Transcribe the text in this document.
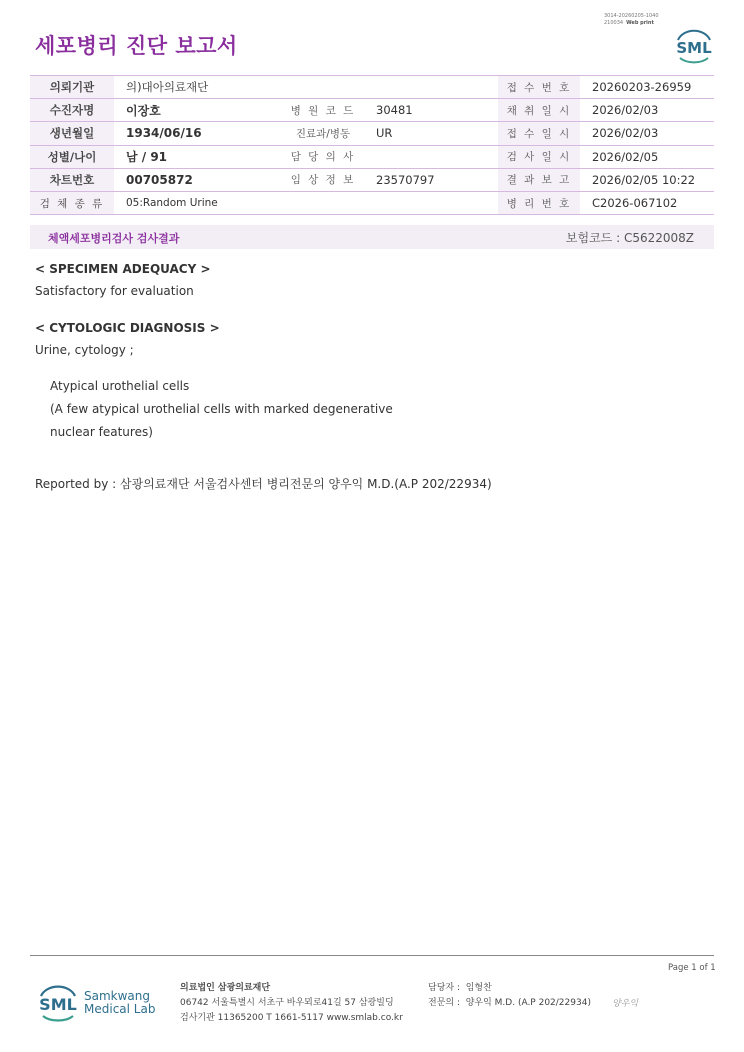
3014-20260205-1040
210034 Web print
세포병리 진단 보고서	SML
의뢰기관	의)대아의료재단			접 수 번 호	20260203-26959
수진자명	이장호	병 원 코 드	30481	채 취 일 시	2026/02/03
생년월일	1934/06/16	진료과/병동	UR	접 수 일 시	2026/02/03
성별/나이	남 / 91	담 당 의 사		검 사 일 시	2026/02/05
차트번호	00705872	임 상 정 보	23570797	결 과 보 고	2026/02/05 10:22
검 체 종 류	05:Random Urine			병 리 번 호	C2026-067102
체액세포병리검사 검사결과	보험코드 : C5622008Z
< SPECIMEN ADEQUACY >
Satisfactory for evaluation
< CYTOLOGIC DIAGNOSIS >
Urine, cytology ;
Atypical urothelial cells
(A few atypical urothelial cells with marked degenerative
nuclear features)
Reported by : 삼광의료재단 서울검사센터 병리전문의 양우익 M.D.(A.P 202/22934)
Page 1 of 1
SML Samkwang
Medical Lab
의료법인 삼광의료재단
06742 서울특별시 서초구 바우뫼로41길 57 삼광빌딩
검사기관 11365200 T 1661-5117 www.smlab.co.kr
담당자 : 임형찬
전문의 : 양우익 M.D. (A.P 202/22934) 양우익
